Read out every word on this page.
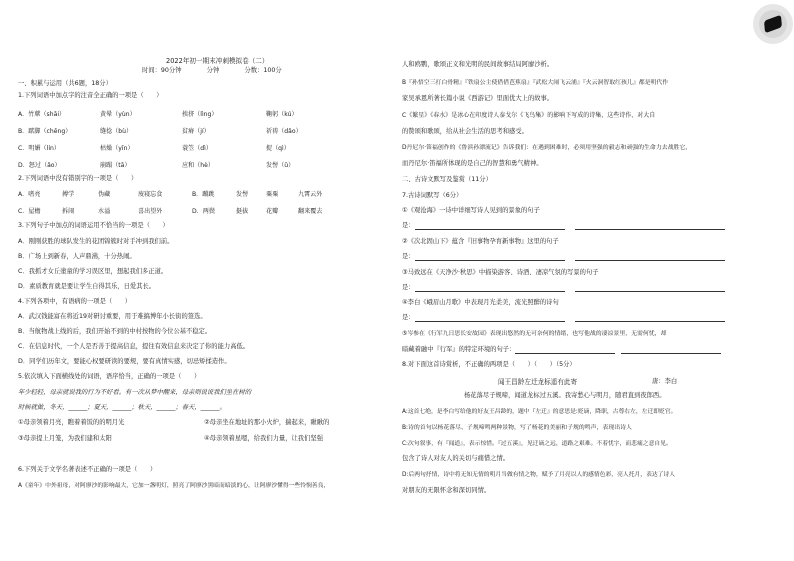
2022年初一期末冲刺模拟卷（二）
时间：90分钟　　　　分钟　　　　分数：100分
一、积累与运用（共6题，18分）
1.下列词语中加点字的注音全正确的一项是（　　）
A．竹蓆（shāi）	黄晕（yùn）	挨挤（lìng）	鞠躬（kú）
B．踮脚（chēng）	缝捻（bù）	贫瘠（jí）	祈祷（dǎo）
C．明媚（lín）	枯燥（yīn）	蓑笠（dì）	捉（qì）
D．怒过（ǎo）	崩蹋（tā）	应和（hè）	发髻（ǔ）
2.下列词语中没有错别字的一项是（　　）
A．嗜亮	搏学	伪藏	废寝忘食	B．蹦跳	发髻	粟粟	九霄云外
C．屋檐	拆闹	水溢	喜出望外	D．两鬓	挺拔	花瓣	翻来覆去
3.下列句子中加点的词语运用不恰当的一项是（　　）
A．刚刚获胜的球队发生的花团锦簇时对手冲到我们前。
B．广场上到新春，人声鼎沸，十分热闹。
C．我抓才女丘塗童的学习误区里，想起我们多正道。
D．素质教育就是要让学生自得其乐，日爱其长。
4.下列各项中，有语病的一项是（　　）
A．武汉钱能富在将近19对研讨重要，用于难搞博年小长街的签选。
B．当航物战上线的后，我们开始不到的中村按物的今位公基不稳定。
C．在信息时代，一个人是否善于提高信息，提往有效信息来决定了你的能力高低。
D．同学们历年文，要能心权要研读的要规，要有真情实感，切忌矫揉造作。
5.依次填入下面横线处的词语，语序恰当，正确的一项是（　　）
年少轻轻，母亲就说我的行为不好看。有一次从梦中醒来，母亲则说说我们坐在树的
时候就做，冬天，______；夏天，______；秋天，______；春天，______。
①母亲领着月亮，瞧着着饭的的明月光	②母亲坐在地址的那小火炉，揣起来，瞅瞅的
③母亲提上月笼，为我们建和太阳	④母亲领着星嗯，给我们力量，让我们坚强
6.下列关于文学名著表述不正确的一项是（　　）
A《童年》中外祖母，对阿廖沙的影响最大，它加一盏明灯，照亮了阿廖沙黑暗而暗淡的心，让阿廖沙懂得一些怜悯善良，
人和鸥鹦，歌颂正义和光明的民间故事结局阿廖沙析。
B『孙悟空三打白骨精』『铁扇公主使借借芭蕉扇』『武松大闹飞云浦』『火云洞智取红孩儿』都是明代作
家吴承恩所著长篇小说《西游记》里面优大上的故事。
C《繁星》《春水》是冰心在印度诗人泰戈尔《飞鸟集》的影响下写成的诗集，这些诗作、对大自
的赞颂和歌颂，给从社会生活的思考和感受。
D丹尼尔·笛福创作的《鲁滨孙漂流记》告诉我们：在遇到困难时，必须用坚强的毅志和顽强的生命力去战胜它，
而丹尼尔·笛福所体现的是自己的智慧和勇气精神。
二、古诗文默写及鉴赏（11分）
7.古诗词默写（6分）
①《观沧海》一诗中详细写诗人见到的景象的句子
是：
②《次北固山下》蕴含『旧事物孕育新事物』这里的句子
是：
③马致远在《天净沙·秋思》中描染游客、诗酒、凄凉气氛的写景的句子
是：
④李白《峨眉山月歌》中表现月光柔美，流光照醉的诗句
是：
⑤岑参在《行军九日思长安故园》表现出悠然的无可奈何的情绪，也写他战的凄凉景里，无需何忧，却
暗藏着融中『行军』的特定环境的句子：
8.对下面这首诗赏析，不正确的两项是（　　）（　　）（5分）
闻王昌龄左迁龙标遥有此寄	唐：李白
杨花落尽子规啼，闻道龙标过五溪。我寄愁心与明月，随君直到夜郎西。
A:这首七绝，是李白写给他的好友王昌龄的，题中『左迁』的意思是:贬谪，降职，古尊右左，左迁即贬官。
B:诗的首句以杨花落尽、子规啼鸣两种景物，写了杨花的美丽和子规的鸣声，表现出诗人
C:次句叙事，有『闻道』，表示惊惜。『过五溪』，见迁谪之远，道路之艰难。不着忧字，而悲痛之意自见。
包含了诗人对友人的关切与痛惜之情。
D:后两句抒情，诗中将无知无情的明月当做有情之物，赋予了月亮以人的感情色彩，亮人托月，表达了诗人
对朋友的无限怀念和深切同情。
